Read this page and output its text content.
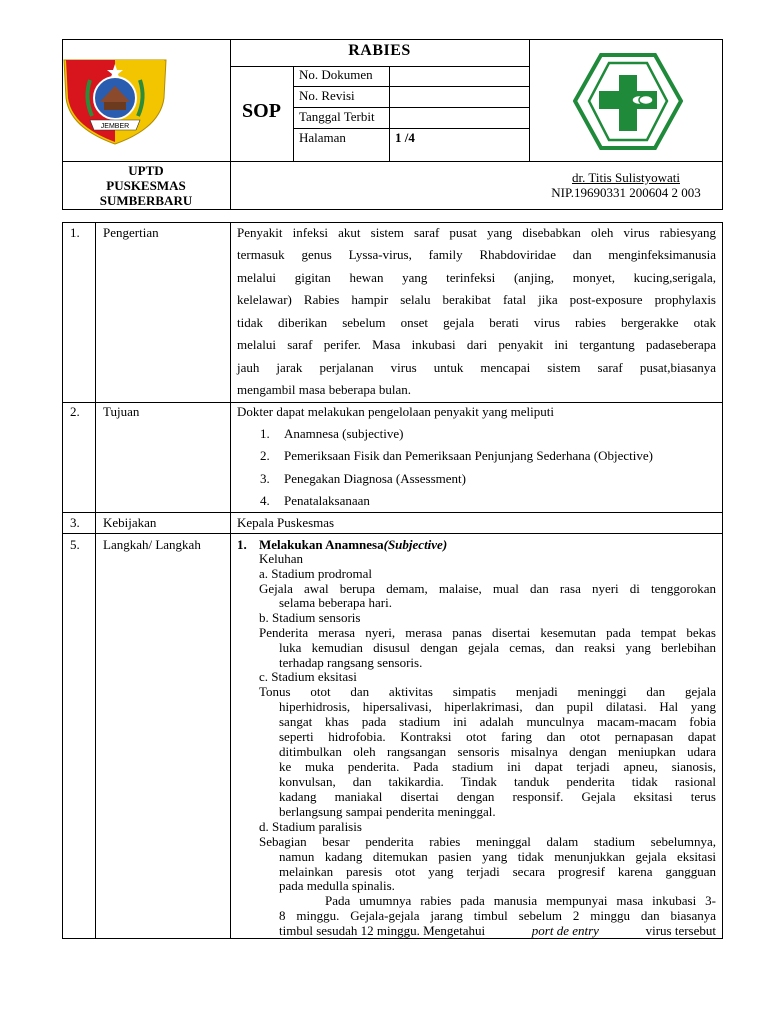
JEMBER
RABIES
SOP
No. Dokumen
No. Revisi
Tanggal Terbit
Halaman	1 /4
UPTD
PUSKESMAS
SUMBERBARU
dr. Titis Sulistyowati
NIP.19690331 200604 2 003
1. Pengertian	Penyakit infeksi akut sistem saraf pusat yang disebabkan oleh virus rabiesyang
termasuk genus Lyssa-virus, family Rhabdoviridae dan menginfeksimanusia
melalui gigitan hewan yang terinfeksi (anjing, monyet, kucing,serigala,
kelelawar) Rabies hampir selalu berakibat fatal jika post-exposure prophylaxis
tidak diberikan sebelum onset gejala berati virus rabies bergerakke otak
melalui saraf perifer. Masa inkubasi dari penyakit ini tergantung padaseberapa
jauh jarak perjalanan virus untuk mencapai sistem saraf pusat,biasanya
mengambil masa beberapa bulan.
2. Tujuan	Dokter dapat melakukan pengelolaan penyakit yang meliputi
1. Anamnesa (subjective)
2. Pemeriksaan Fisik dan Pemeriksaan Penjunjang Sederhana (Objective)
3. Penegakan Diagnosa (Assessment)
4. Penatalaksanaan
3. Kebijakan	Kepala Puskesmas
5. Langkah/ Langkah	1. Melakukan Anamnesa(Subjective)
Keluhan
a. Stadium prodromal
Gejala awal berupa demam, malaise, mual dan rasa nyeri di tenggorokan
selama beberapa hari.
b. Stadium sensoris
Penderita merasa nyeri, merasa panas disertai kesemutan pada tempat bekas
luka kemudian disusul dengan gejala cemas, dan reaksi yang berlebihan
terhadap rangsang sensoris.
c. Stadium eksitasi
Tonus otot dan aktivitas simpatis menjadi meninggi dan gejala
hiperhidrosis, hipersalivasi, hiperlakrimasi, dan pupil dilatasi. Hal yang
sangat khas pada stadium ini adalah munculnya macam-macam fobia
seperti hidrofobia. Kontraksi otot faring dan otot pernapasan dapat
ditimbulkan oleh rangsangan sensoris misalnya dengan meniupkan udara
ke muka penderita. Pada stadium ini dapat terjadi apneu, sianosis,
konvulsan, dan takikardia. Tindak tanduk penderita tidak rasional
kadang maniakal disertai dengan responsif. Gejala eksitasi terus
berlangsung sampai penderita meninggal.
d. Stadium paralisis
Sebagian besar penderita rabies meninggal dalam stadium sebelumnya,
namun kadang ditemukan pasien yang tidak menunjukkan gejala eksitasi
melainkan paresis otot yang terjadi secara progresif karena gangguan
pada medulla spinalis.
Pada umumnya rabies pada manusia mempunyai masa inkubasi 3-
8 minggu. Gejala-gejala jarang timbul sebelum 2 minggu dan biasanya
timbul sesudah 12 minggu. Mengetahui	port de entry	virus tersebut
